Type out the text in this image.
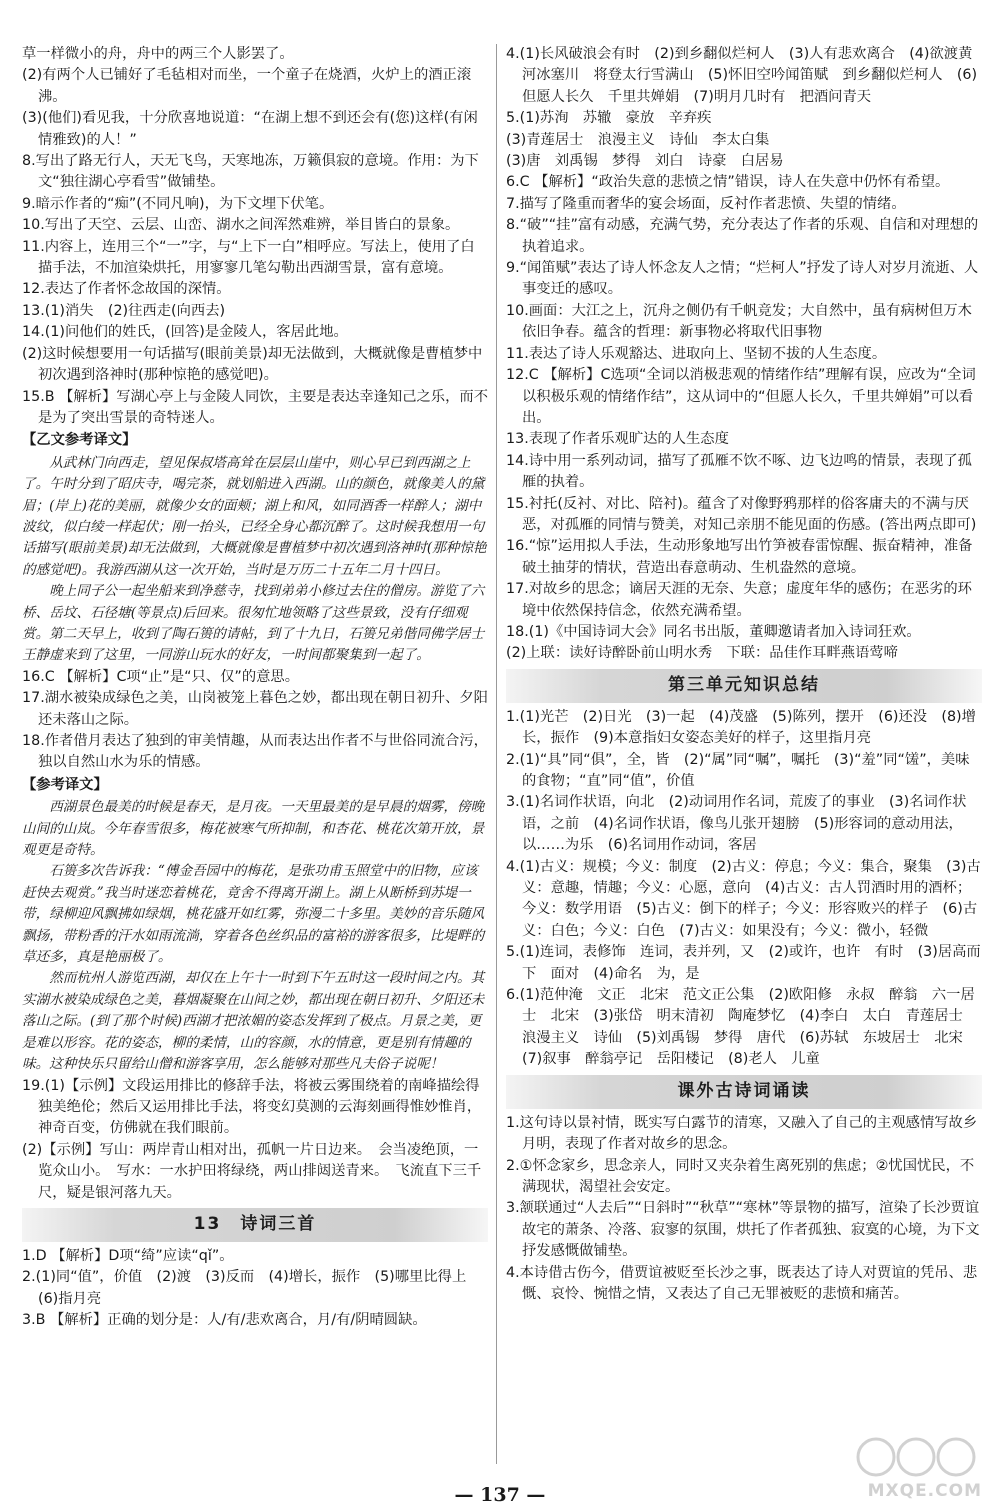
草一样微小的舟，舟中的两三个人影罢了。

(2)有两个人已铺好了毛毡相对而坐，一个童子在烧酒，火炉上的酒正滚沸。

(3)(他们)看见我，十分欣喜地说道：“在湖上想不到还会有(您)这样(有闲情雅致)的人！”

8.写出了路无行人，天无飞鸟，天寒地冻，万籁俱寂的意境。作用：为下文“独往湖心亭看雪”做铺垫。

9.暗示作者的“痴”(不同凡响)，为下文埋下伏笔。

10.写出了天空、云层、山峦、湖水之间浑然难辨，举目皆白的景象。

11.内容上，连用三个“一”字，与“上下一白”相呼应。写法上，使用了白描手法，不加渲染烘托，用寥寥几笔勾勒出西湖雪景，富有意境。

12.表达了作者怀念故国的深情。

13.(1)消失　(2)往西走(向西去)

14.(1)问他们的姓氏，(回答)是金陵人，客居此地。

(2)这时候想要用一句话描写(眼前美景)却无法做到，大概就像是曹植梦中初次遇到洛神时(那种惊艳的感觉吧)。

15.B 【解析】写湖心亭上与金陵人同饮，主要是表达幸逢知己之乐，而不是为了突出雪景的奇特迷人。

【乙文参考译文】

从武林门向西走，望见保叔塔高耸在层层山崖中，则心早已到西湖之上了。午时分到了昭庆寺，喝完茶，就划船进入西湖。山的颜色，就像美人的黛眉；(岸上)花的美丽，就像少女的面颊；湖上和风，如同酒香一样醉人；湖中波纹，似白绫一样起伏；刚一抬头，已经全身心都沉醉了。这时候我想用一句话描写(眼前美景)却无法做到，大概就像是曹植梦中初次遇到洛神时(那种惊艳的感觉吧)。我游西湖从这一次开始，当时是万历二十五年二月十四日。

晚上同子公一起坐船来到净慈寺，找到弟弟小修过去住的僧房。游览了六桥、岳坟、石径塘(等景点)后回来。很匆忙地领略了这些景致，没有仔细观赏。第二天早上，收到了陶石篑的请帖，到了十九日，石篑兄弟偕同佛学居士王静虚来到了这里，一同游山玩水的好友，一时间都聚集到一起了。

16.C 【解析】C项“止”是“只、仅”的意思。

17.湖水被染成绿色之美，山岗被笼上暮色之妙，都出现在朝日初升、夕阳还未落山之际。

18.作者借月表达了独到的审美情趣，从而表达出作者不与世俗同流合污，独以自然山水为乐的情感。

【参考译文】

西湖景色最美的时候是春天，是月夜。一天里最美的是早晨的烟雾，傍晚山间的山岚。今年春雪很多，梅花被寒气所抑制，和杏花、桃花次第开放，景观更是奇特。

石篑多次告诉我：“傅金吾园中的梅花，是张功甫玉照堂中的旧物，应该赶快去观赏。”我当时迷恋着桃花，竟舍不得离开湖上。湖上从断桥到苏堤一带，绿柳迎风飘拂如绿烟，桃花盛开如红雾，弥漫二十多里。美妙的音乐随风飘扬，带粉香的汗水如雨流淌，穿着各色丝织品的富裕的游客很多，比堤畔的草还多，真是艳丽极了。

然而杭州人游览西湖，却仅在上午十一时到下午五时这一段时间之内。其实湖水被染成绿色之美，暮烟凝聚在山间之妙，都出现在朝日初升、夕阳还未落山之际。(到了那个时候)西湖才把浓媚的姿态发挥到了极点。月景之美，更是难以形容。花的姿态，柳的柔情，山的容颜，水的情意，更是别有情趣的味。这种快乐只留给山僧和游客享用，怎么能够对那些凡夫俗子说呢！

19.(1)【示例】文段运用排比的修辞手法，将被云雾围绕着的南峰描绘得独美绝伦；然后又运用排比手法，将变幻莫测的云海刻画得惟妙惟肖，神奇百变，仿佛就在我们眼前。

(2)【示例】写山：两岸青山相对出，孤帆一片日边来。　会当凌绝顶，一览众山小。　写水：一水护田将绿绕，两山排闼送青来。　飞流直下三千尺，疑是银河落九天。

13　诗词三首

1.D 【解析】D项“绮”应读“qǐ”。

2.(1)同“值”，价值　(2)渡　(3)反而　(4)增长，振作　(5)哪里比得上　(6)指月亮

3.B 【解析】正确的划分是：人/有/悲欢离合，月/有/阴晴圆缺。

4.(1)长风破浪会有时　(2)到乡翻似烂柯人　(3)人有悲欢离合　(4)欲渡黄河冰塞川　将登太行雪满山　(5)怀旧空吟闻笛赋　到乡翻似烂柯人　(6)但愿人长久　千里共婵娟　(7)明月几时有　把酒问青天

5.(1)苏洵　苏辙　豪放　辛弃疾

(3)青莲居士　浪漫主义　诗仙　李太白集

(3)唐　刘禹锡　梦得　刘白　诗豪　白居易

6.C 【解析】“政治失意的悲愤之情”错误，诗人在失意中仍怀有希望。

7.描写了隆重而奢华的宴会场面，反衬作者悲愤、失望的情绪。

8.“破”“挂”富有动感，充满气势，充分表达了作者的乐观、自信和对理想的执着追求。

9.“闻笛赋”表达了诗人怀念友人之情；“烂柯人”抒发了诗人对岁月流逝、人事变迁的感叹。

10.画面：大江之上，沉舟之侧仍有千帆竞发；大自然中，虽有病树但万木依旧争春。蕴含的哲理：新事物必将取代旧事物

11.表达了诗人乐观豁达、进取向上、坚韧不拔的人生态度。

12.C 【解析】C选项“全词以消极悲观的情绪作结”理解有误，应改为“全词以积极乐观的情绪作结”，这从词中的“但愿人长久，千里共婵娟”可以看出。

13.表现了作者乐观旷达的人生态度

14.诗中用一系列动词，描写了孤雁不饮不啄、边飞边鸣的情景，表现了孤雁的执着。

15.衬托(反衬、对比、陪衬)。蕴含了对像野鸦那样的俗客庸夫的不满与厌恶，对孤雁的同情与赞美，对知己亲朋不能见面的伤感。(答出两点即可)

16.“惊”运用拟人手法，生动形象地写出竹笋被春雷惊醒、振奋精神，准备破土抽芽的情状，营造出春意萌动、生机盎然的意境。

17.对故乡的思念；谪居天涯的无奈、失意；虚度年华的感伤；在恶劣的环境中依然保持信念，依然充满希望。

18.(1)《中国诗词大会》同名书出版，董卿邀请者加入诗词狂欢。

(2)上联：读好诗醉卧前山明水秀　下联：品佳作耳畔燕语莺啼

第三单元知识总结

1.(1)光芒　(2)日光　(3)一起　(4)茂盛　(5)陈列，摆开　(6)还没　(8)增长，振作　(9)本意指妇女姿态美好的样子，这里指月亮

2.(1)“具”同“俱”，全，皆　(2)“属”同“嘱”，嘱托　(3)“羞”同“馐”，美味的食物；“直”同“值”，价值

3.(1)名词作状语，向北　(2)动词用作名词，荒废了的事业　(3)名词作状语，之前　(4)名词作状语，像鸟儿张开翅膀　(5)形容词的意动用法，以……为乐　(6)名词用作动词，客居

4.(1)古义：规模；今义：制度　(2)古义：停息；今义：集合，聚集　(3)古义：意趣，情趣；今义：心愿，意向　(4)古义：古人罚酒时用的酒杯；今义：数学用语　(5)古义：倒下的样子；今义：形容败兴的样子　(6)古义：白色；今义：白色　(7)古义：如果没有；今义：微小，轻微

5.(1)连词，表修饰　连词，表并列，又　(2)或许，也许　有时　(3)居高而下　面对　(4)命名　为，是

6.(1)范仲淹　文正　北宋　范文正公集　(2)欧阳修　永叔　醉翁　六一居士　北宋　(3)张岱　明末清初　陶庵梦忆　(4)李白　太白　青莲居士　浪漫主义　诗仙　(5)刘禹锡　梦得　唐代　(6)苏轼　东坡居士　北宋　(7)叙事　醉翁亭记　岳阳楼记　(8)老人　儿童

课外古诗词诵读

1.这句诗以景衬情，既实写白露节的清寒，又融入了自己的主观感情写故乡月明，表现了作者对故乡的思念。

2.①怀念家乡，思念亲人，同时又夹杂着生离死别的焦虑；②忧国忧民，不满现状，渴望社会安定。

3.颔联通过“人去后”“日斜时”“秋草”“寒林”等景物的描写，渲染了长沙贾谊故宅的萧条、冷落、寂寥的氛围，烘托了作者孤独、寂寞的心境，为下文抒发感慨做铺垫。

4.本诗借古伤今，借贾谊被贬至长沙之事，既表达了诗人对贾谊的凭吊、悲慨、哀怜、惋惜之情，又表达了自己无罪被贬的悲愤和痛苦。

— 137 —	MXQE.COM
